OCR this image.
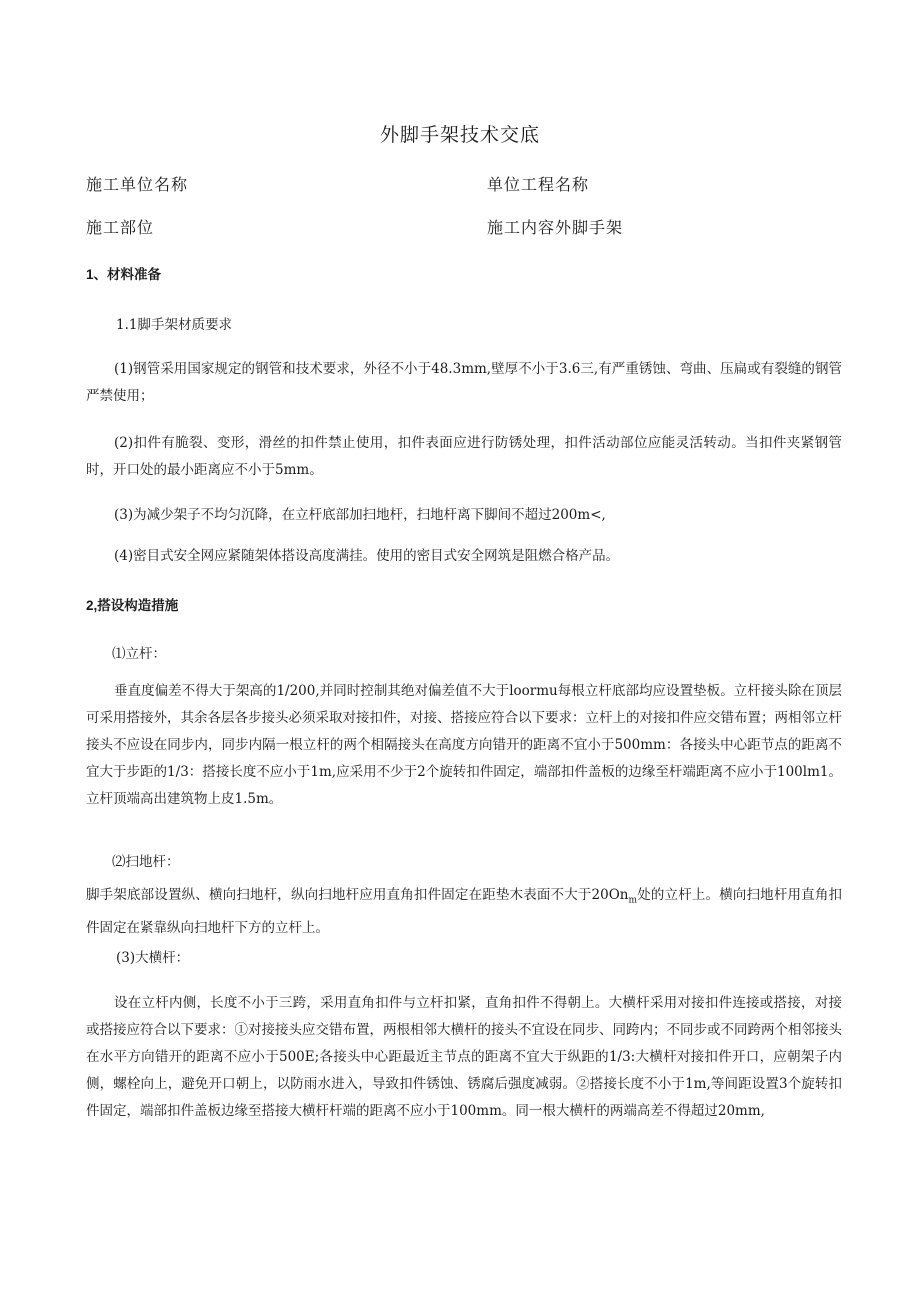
外脚手架技术交底
施工单位名称	单位工程名称
施工部位	施工内容外脚手架
1、材料准备
1.1脚手架材质要求
(1)钢管采用国家规定的钢管和技术要求，外径不小于48.3mm,壁厚不小于3.6三,有严重锈蚀、弯曲、压扁或有裂缝的钢管严禁使用；
(2)扣件有脆裂、变形，滑丝的扣件禁止使用，扣件表面应进行防锈处理，扣件活动部位应能灵活转动。当扣件夹紧钢管时，开口处的最小距离应不小于5mm。
(3)为减少架子不均匀沉降，在立杆底部加扫地杆，扫地杆离下脚间不超过200m<,
(4)密目式安全网应紧随架体搭设高度满挂。使用的密目式安全网筑是阻燃合格产品。
2,搭设构造措施
⑴立杆：
垂直度偏差不得大于架高的1/200,并同时控制其绝对偏差值不大于loormu每根立杆底部均应设置垫板。立杆接头除在顶层可采用搭接外，其余各层各步接头必须采取对接扣件，对接、搭接应符合以下要求：立杆上的对接扣件应交错布置；两相邻立杆接头不应设在同步内，同步内隔一根立杆的两个相隔接头在高度方向错开的距离不宜小于500mm：各接头中心距节点的距离不宜大于步距的1/3：搭接长度不应小于1m,应采用不少于2个旋转扣件固定，端部扣件盖板的边缘至杆端距离不应小于100lm1。立杆顶端高出建筑物上皮1.5m。
⑵扫地杆：
脚手架底部设置纵、横向扫地杆，纵向扫地杆应用直角扣件固定在距垫木表面不大于$20On_m$处的立杆上。横向扫地杆用直角扣件固定在紧靠纵向扫地杆下方的立杆上。
(3)大横杆：
设在立杆内侧，长度不小于三跨，采用直角扣件与立杆扣紧，直角扣件不得朝上。大横杆采用对接扣件连接或搭接，对接或搭接应符合以下要求：①对接接头应交错布置，两根相邻大横杆的接头不宜设在同步、同跨内；不同步或不同跨两个相邻接头在水平方向错开的距离不应小于500E;各接头中心距最近主节点的距离不宜大于纵距的1/3:大横杆对接扣件开口，应朝架子内侧，螺栓向上，避免开口朝上，以防雨水进入，导致扣件锈蚀、锈腐后强度减弱。②搭接长度不小于1m,等间距设置3个旋转扣件固定，端部扣件盖板边缘至搭接大横杆杆端的距离不应小于100mm。同一根大横杆的两端高差不得超过20mm,
